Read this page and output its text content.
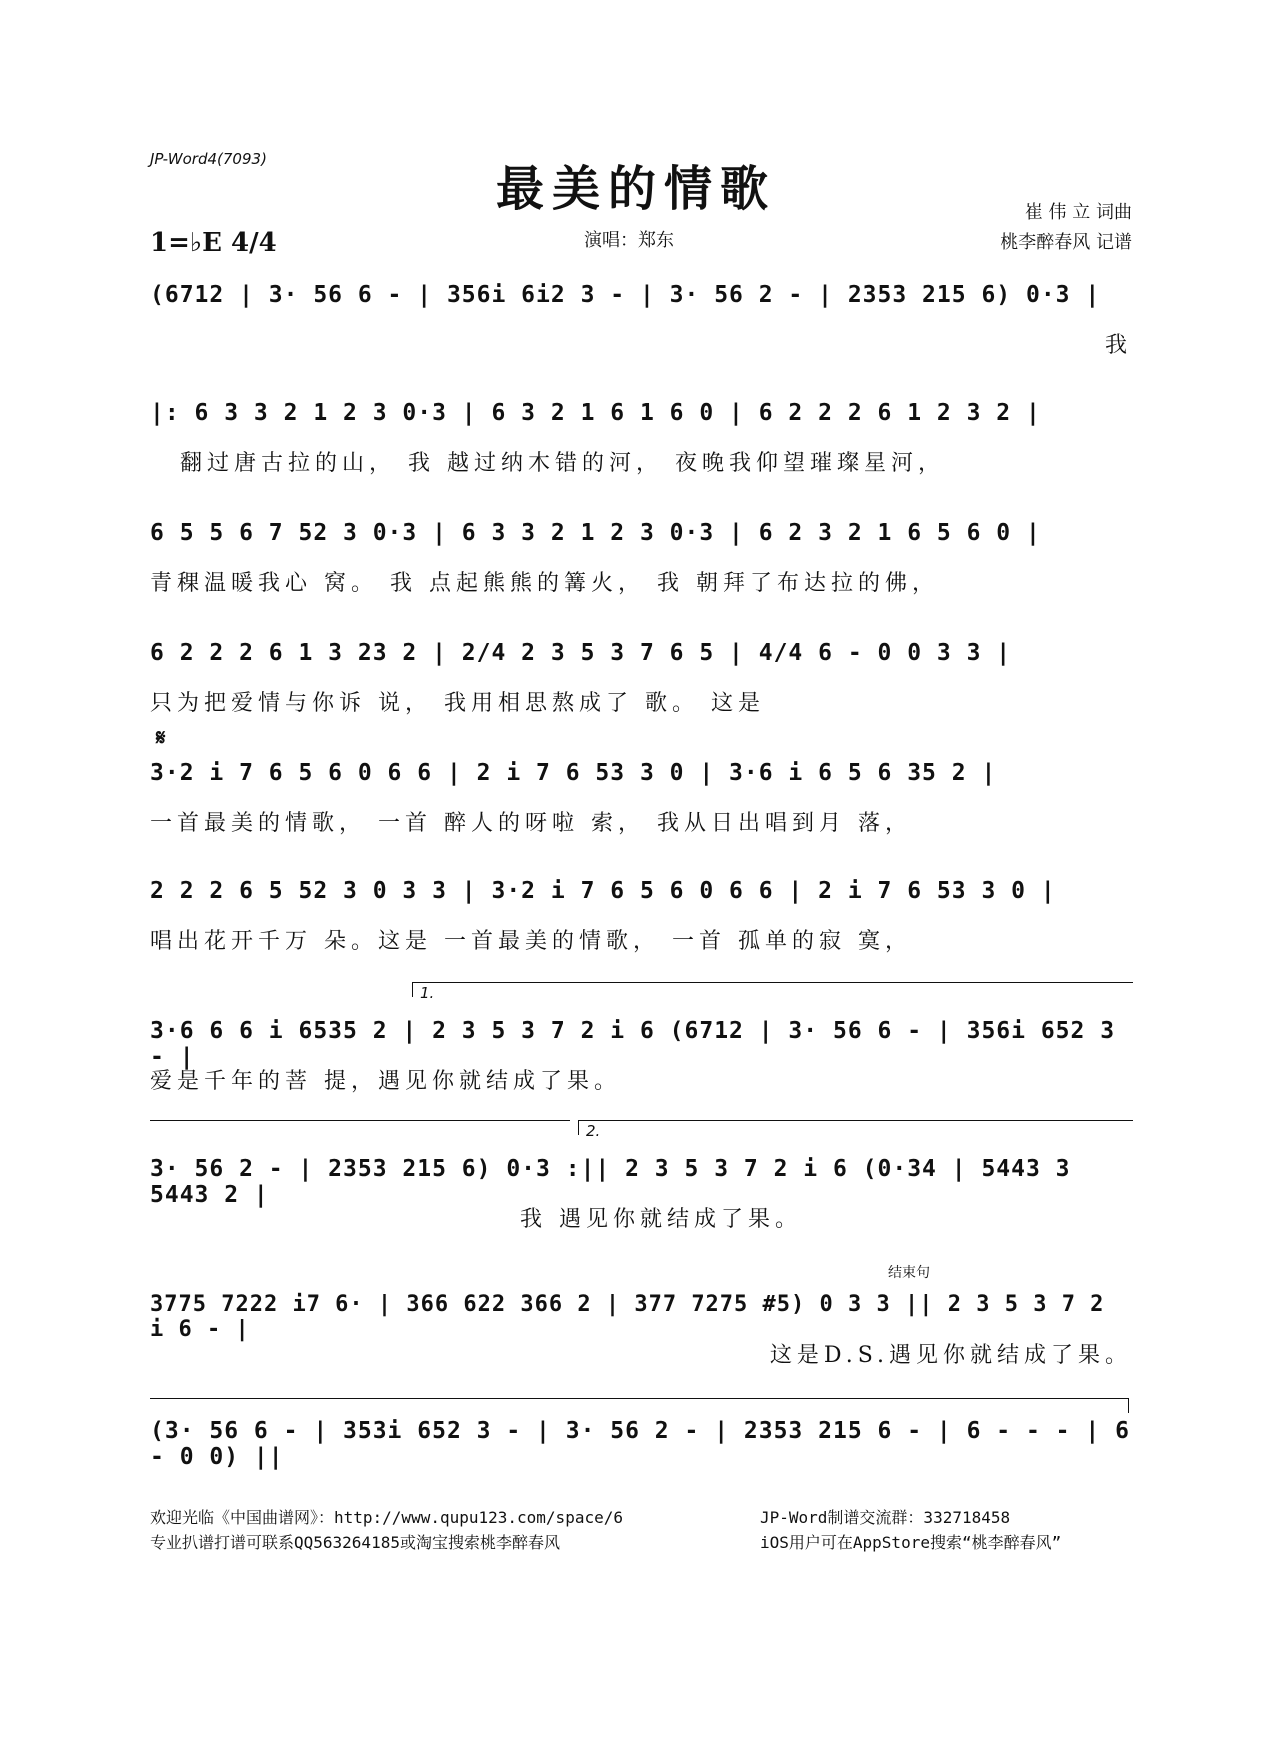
JP-Word4(7093)
最美的情歌
1=♭E 4/4	演唱：郑东
崔 伟 立 词曲
桃李醉春风 记谱
(6712 | 3· 56 6 - | 356i 6i2 3 - | 3· 56 2 - | 2353 215 6) 0·3 |
我
|: 6 3 3 2 1 2 3 0·3 | 6 3 2 1 6 1 6 0 | 6 2 2 2 6 1 2 3 2 |
翻过唐古拉的山， 我 越过纳木错的河， 夜晚我仰望璀璨星河，
6 5 5 6 7 52 3 0·3 | 6 3 3 2 1 2 3 0·3 | 6 2 3 2 1 6 5 6 0 |
青稞温暖我心 窝。 我 点起熊熊的篝火， 我 朝拜了布达拉的佛，
6 2 2 2 6 1 3 23 2 | 2/4 2 3 5 3 7 6 5 | 4/4 6 - 0 0 3 3 |
只为把爱情与你诉 说， 我用相思熬成了 歌。 这是
𝄋
3·2 i 7 6 5 6 0 6 6 | 2 i 7 6 53 3 0 | 3·6 i 6 5 6 35 2 |
一首最美的情歌， 一首 醉人的呀啦 索， 我从日出唱到月 落，
2 2 2 6 5 52 3 0 3 3 | 3·2 i 7 6 5 6 0 6 6 | 2 i 7 6 53 3 0 |
唱出花开千万 朵。这是 一首最美的情歌， 一首 孤单的寂 寞，
1.
3·6 6 6 i 6535 2 | 2 3 5 3 7 2 i 6 (6712 | 3· 56 6 - | 356i 652 3 - |
爱是千年的菩 提，遇见你就结成了果。
2.
3· 56 2 - | 2353 215 6) 0·3 :|| 2 3 5 3 7 2 i 6 (0·34 | 5443 3 5443 2 |
我 遇见你就结成了果。
结束句
3775 7222 i7 6· | 366 622 366 2 | 377 7275 #5) 0 3 3 || 2 3 5 3 7 2 i 6 - |
这是D.S.遇见你就结成了果。
(3· 56 6 - | 353i 652 3 - | 3· 56 2 - | 2353 215 6 - | 6 - - - | 6 - 0 0) ||
欢迎光临《中国曲谱网》：http://www.qupu123.com/space/6
专业扒谱打谱可联系QQ563264185或淘宝搜索桃李醉春风
JP-Word制谱交流群：332718458
iOS用户可在AppStore搜索“桃李醉春风”
